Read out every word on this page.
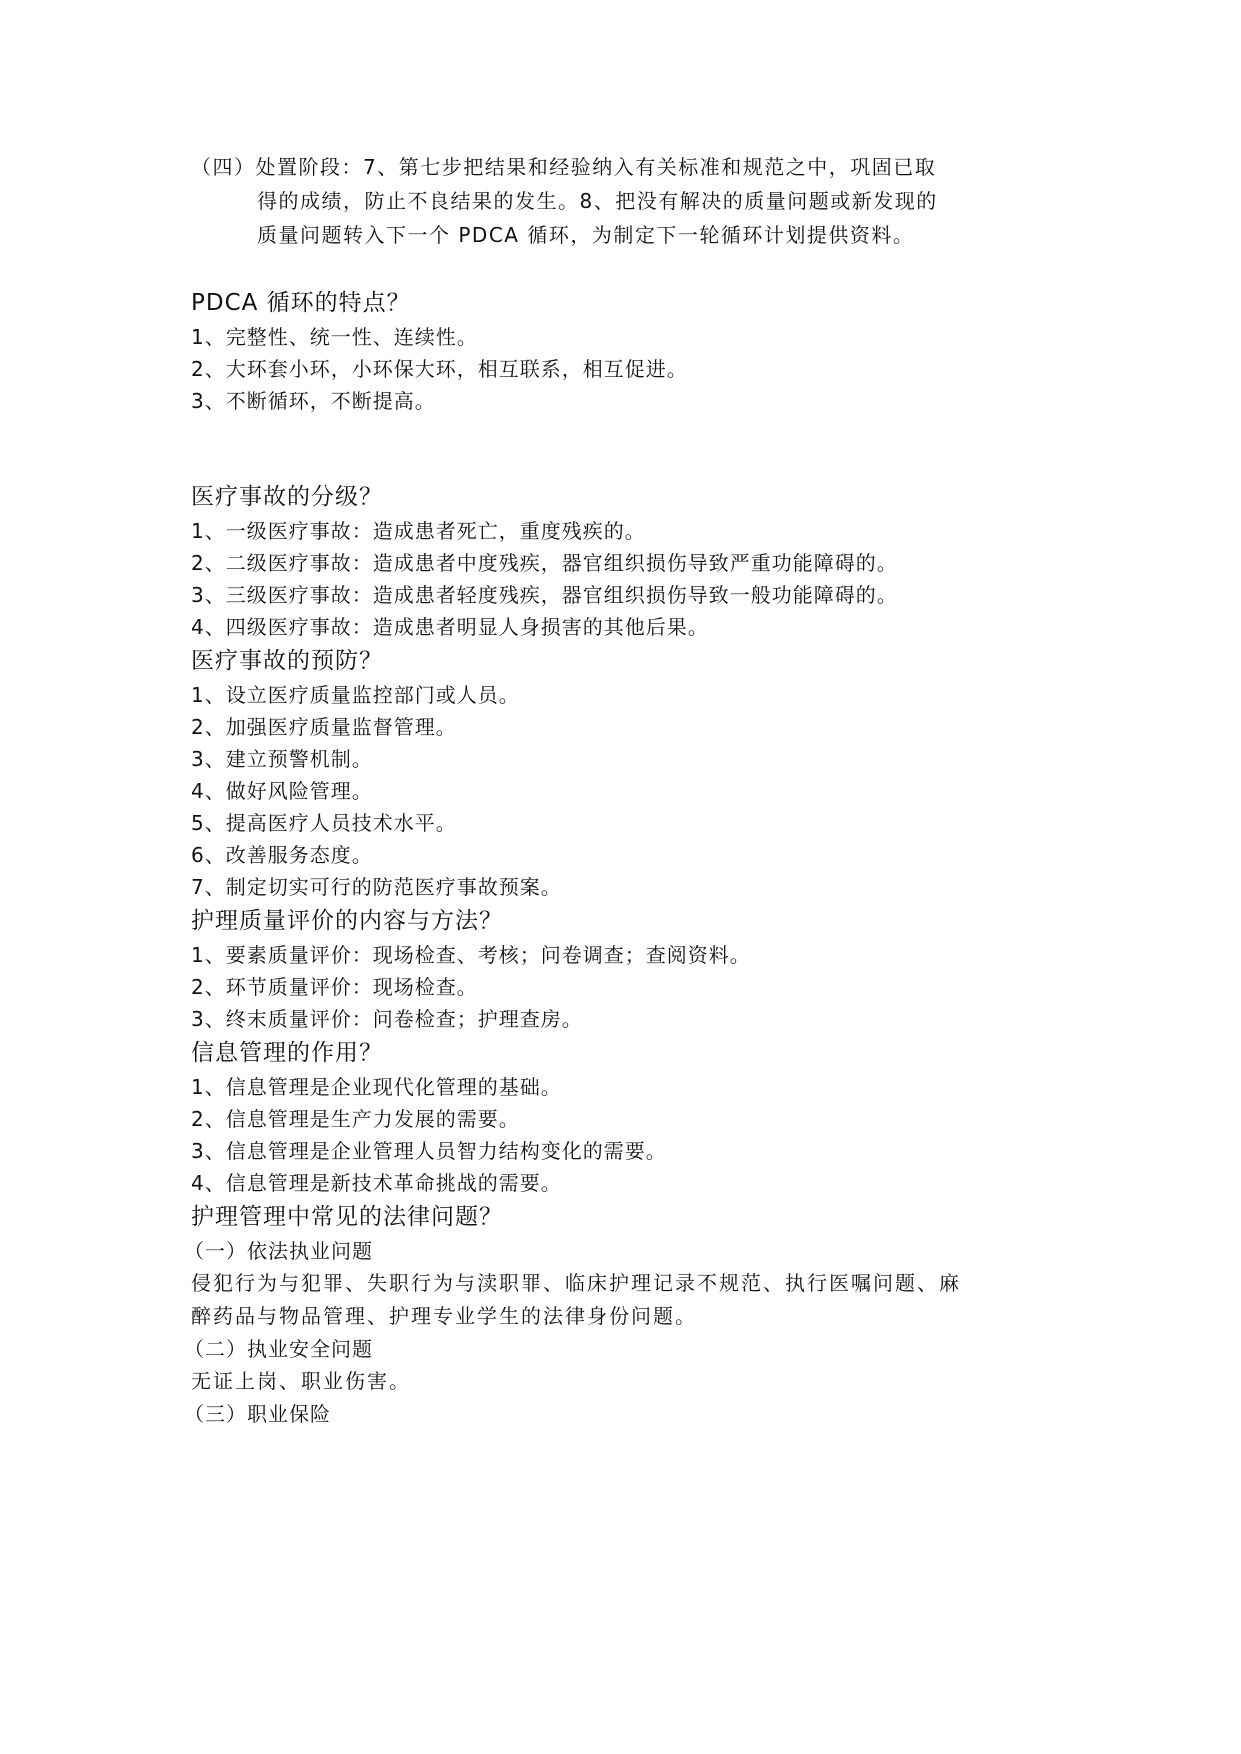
（四）处置阶段：7、第七步把结果和经验纳入有关标准和规范之中，巩固已取
得的成绩，防止不良结果的发生。8、把没有解决的质量问题或新发现的
质量问题转入下一个 PDCA 循环，为制定下一轮循环计划提供资料。

PDCA 循环的特点？

1、完整性、统一性、连续性。

2、大环套小环，小环保大环，相互联系，相互促进。

3、不断循环，不断提高。

医疗事故的分级？

1、一级医疗事故：造成患者死亡，重度残疾的。

2、二级医疗事故：造成患者中度残疾，器官组织损伤导致严重功能障碍的。

3、三级医疗事故：造成患者轻度残疾，器官组织损伤导致一般功能障碍的。

4、四级医疗事故：造成患者明显人身损害的其他后果。

医疗事故的预防？

1、设立医疗质量监控部门或人员。

2、加强医疗质量监督管理。

3、建立预警机制。

4、做好风险管理。

5、提高医疗人员技术水平。

6、改善服务态度。

7、制定切实可行的防范医疗事故预案。

护理质量评价的内容与方法？

1、要素质量评价：现场检查、考核；问卷调查；查阅资料。

2、环节质量评价：现场检查。

3、终末质量评价：问卷检查；护理查房。

信息管理的作用？

1、信息管理是企业现代化管理的基础。

2、信息管理是生产力发展的需要。

3、信息管理是企业管理人员智力结构变化的需要。

4、信息管理是新技术革命挑战的需要。

护理管理中常见的法律问题？

（一）依法执业问题

侵犯行为与犯罪、失职行为与渎职罪、临床护理记录不规范、执行医嘱问题、麻

醉药品与物品管理、护理专业学生的法律身份问题。

（二）执业安全问题

无证上岗、职业伤害。

（三）职业保险
